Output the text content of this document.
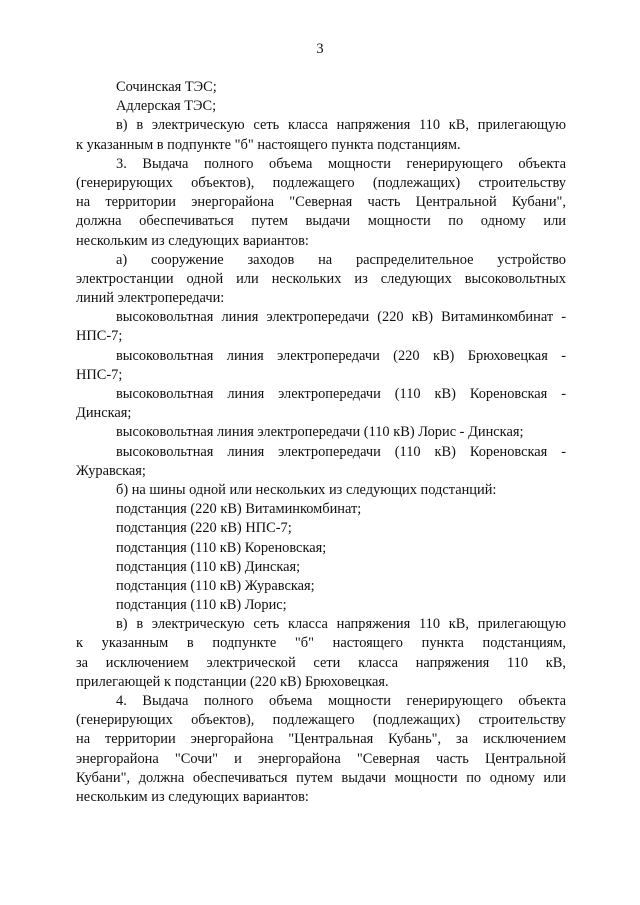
3
Сочинская ТЭС;
Адлерская ТЭС;
в) в электрическую сеть класса напряжения 110 кВ, прилегающую
к указанным в подпункте "б" настоящего пункта подстанциям.
3. Выдача полного объема мощности генерирующего объекта
(генерирующих объектов), подлежащего (подлежащих) строительству
на территории энергорайона "Северная часть Центральной Кубани",
должна обеспечиваться путем выдачи мощности по одному или
нескольким из следующих вариантов:
а) сооружение заходов на распределительное устройство
электростанции одной или нескольких из следующих высоковольтных
линий электропередачи:
высоковольтная линия электропередачи (220 кВ) Витаминкомбинат -
НПС-7;
высоковольтная линия электропередачи (220 кВ) Брюховецкая -
НПС-7;
высоковольтная линия электропередачи (110 кВ) Кореновская -
Динская;
высоковольтная линия электропередачи (110 кВ) Лорис - Динская;
высоковольтная линия электропередачи (110 кВ) Кореновская -
Журавская;
б) на шины одной или нескольких из следующих подстанций:
подстанция (220 кВ) Витаминкомбинат;
подстанция (220 кВ) НПС-7;
подстанция (110 кВ) Кореновская;
подстанция (110 кВ) Динская;
подстанция (110 кВ) Журавская;
подстанция (110 кВ) Лорис;
в) в электрическую сеть класса напряжения 110 кВ, прилегающую
к указанным в подпункте "б" настоящего пункта подстанциям,
за исключением электрической сети класса напряжения 110 кВ,
прилегающей к подстанции (220 кВ) Брюховецкая.
4. Выдача полного объема мощности генерирующего объекта
(генерирующих объектов), подлежащего (подлежащих) строительству
на территории энергорайона "Центральная Кубань", за исключением
энергорайона "Сочи" и энергорайона "Северная часть Центральной
Кубани", должна обеспечиваться путем выдачи мощности по одному или
нескольким из следующих вариантов:
